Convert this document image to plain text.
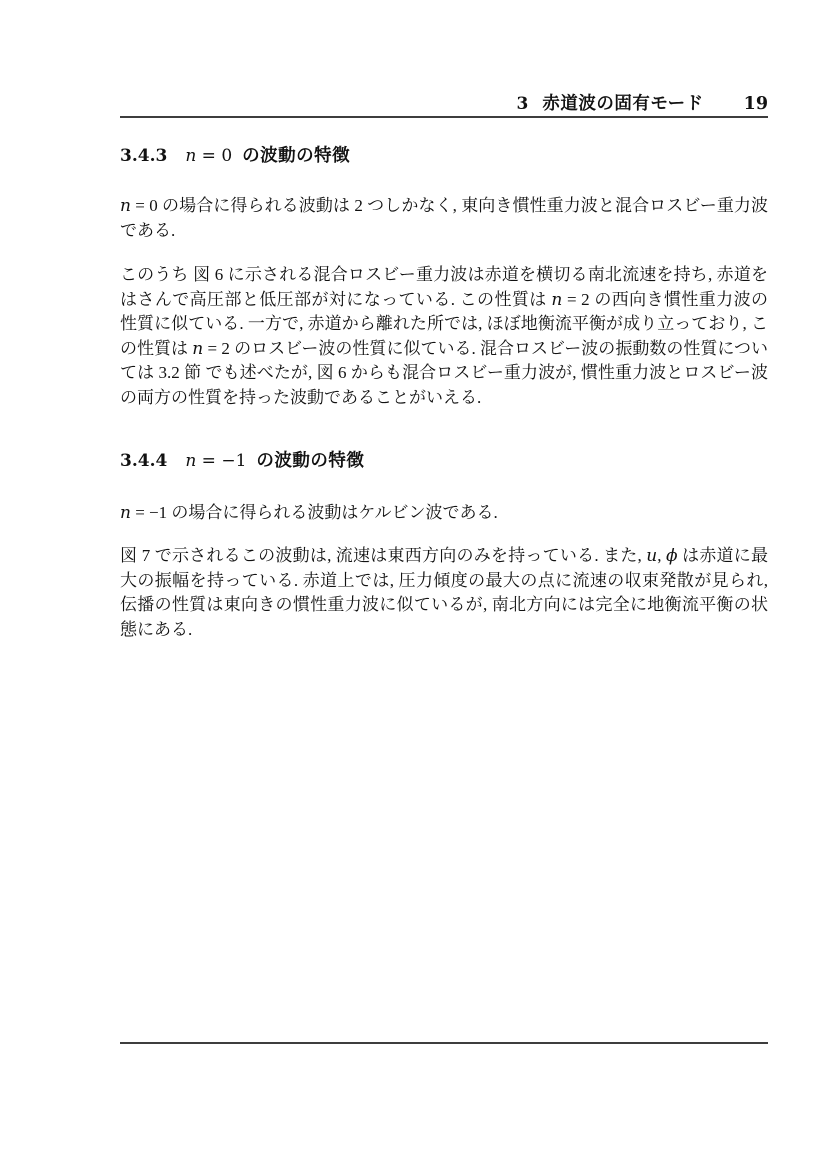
3 赤道波の固有モード 19
3.4.3 n = 0 の波動の特徴

n = 0 の場合に得られる波動は 2 つしかなく, 東向き慣性重力波と混合ロスビー重力波である.

このうち 図 6 に示される混合ロスビー重力波は赤道を横切る南北流速を持ち, 赤道をはさんで高圧部と低圧部が対になっている. この性質は n = 2 の西向き慣性重力波の性質に似ている. 一方で, 赤道から離れた所では, ほぼ地衡流平衡が成り立っており, この性質は n = 2 のロスビー波の性質に似ている. 混合ロスビー波の振動数の性質については 3.2 節 でも述べたが, 図 6 からも混合ロスビー重力波が, 慣性重力波とロスビー波の両方の性質を持った波動であることがいえる.

3.4.4 n = −1 の波動の特徴

n = −1 の場合に得られる波動はケルビン波である.

図 7 で示されるこの波動は, 流速は東西方向のみを持っている. また, u, ϕ は赤道に最大の振幅を持っている. 赤道上では, 圧力傾度の最大の点に流速の収束発散が見られ, 伝播の性質は東向きの慣性重力波に似ているが, 南北方向には完全に地衡流平衡の状態にある.
